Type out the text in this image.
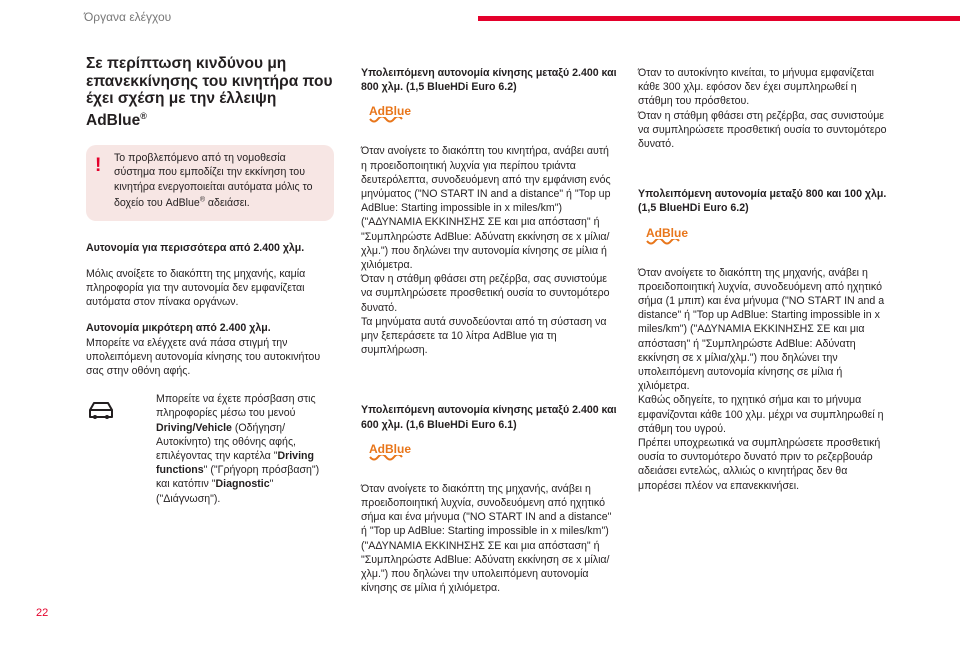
Όργανα ελέγχου
Σε περίπτωση κινδύνου μη επανεκκίνησης του κινητήρα που έχει σχέση με την έλλειψη AdBlue®
! Το προβλεπόμενο από τη νομοθεσία σύστημα που εμποδίζει την εκκίνηση του κινητήρα ενεργοποιείται αυτόματα μόλις το δοχείο του AdBlue® αδειάσει.

Αυτονομία για περισσότερα από 2.400 χλμ.

Μόλις ανοίξετε το διακόπτη της μηχανής, καμία πληροφορία για την αυτονομία δεν εμφανίζεται αυτόματα στον πίνακα οργάνων.

Αυτονομία μικρότερη από 2.400 χλμ.

Μπορείτε να ελέγχετε ανά πάσα στιγμή την υπολειπόμενη αυτονομία κίνησης του αυτοκινήτου σας στην οθόνη αφής.

Μπορείτε να έχετε πρόσβαση στις πληροφορίες μέσω του μενού Driving/Vehicle (Οδήγηση/ Αυτοκίνητο) της οθόνης αφής, επιλέγοντας την καρτέλα "Driving functions" ("Γρήγορη πρόσβαση") και κατόπιν "Diagnostic" ("Διάγνωση").

Υπολειπόμενη αυτονομία κίνησης μεταξύ 2.400 και 800 χλμ. (1,5 BlueHDi Euro 6.2)

AdBlue

Όταν ανοίγετε το διακόπτη του κινητήρα, ανάβει αυτή η προειδοποιητική λυχνία για περίπου τριάντα δευτερόλεπτα, συνοδευόμενη από την εμφάνιση ενός μηνύματος ("NO START IN and a distance" ή "Top up AdBlue: Starting impossible in x miles/km") ("ΑΔΥΝΑΜΙΑ ΕΚΚΙΝΗΣΗΣ ΣΕ και μια απόσταση" ή "Συμπληρώστε AdBlue: Αδύνατη εκκίνηση σε x μίλια/ χλμ.") που δηλώνει την αυτονομία κίνησης σε μίλια ή χιλιόμετρα.

Όταν η στάθμη φθάσει στη ρεζέρβα, σας συνιστούμε να συμπληρώσετε προσθετική ουσία το συντομότερο δυνατό.

Τα μηνύματα αυτά συνοδεύονται από τη σύσταση να μην ξεπεράσετε τα 10 λίτρα AdBlue για τη συμπλήρωση.

Υπολειπόμενη αυτονομία κίνησης μεταξύ 2.400 και 600 χλμ. (1,6 BlueHDi Euro 6.1)

AdBlue

Όταν ανοίγετε το διακόπτη της μηχανής, ανάβει η προειδοποιητική λυχνία, συνοδευόμενη από ηχητικό σήμα και ένα μήνυμα ("NO START IN and a distance" ή "Top up AdBlue: Starting impossible in x miles/km") ("ΑΔΥΝΑΜΙΑ ΕΚΚΙΝΗΣΗΣ ΣΕ και μια απόσταση" ή "Συμπληρώστε AdBlue: Αδύνατη εκκίνηση σε x μίλια/χλμ.") που δηλώνει την υπολειπόμενη αυτονομία κίνησης σε μίλια ή χιλιόμετρα.

Όταν το αυτοκίνητο κινείται, το μήνυμα εμφανίζεται κάθε 300 χλμ. εφόσον δεν έχει συμπληρωθεί η στάθμη του πρόσθετου.

Όταν η στάθμη φθάσει στη ρεζέρβα, σας συνιστούμε να συμπληρώσετε προσθετική ουσία το συντομότερο δυνατό.

Υπολειπόμενη αυτονομία μεταξύ 800 και 100 χλμ. (1,5 BlueHDi Euro 6.2)

AdBlue

Όταν ανοίγετε το διακόπτη της μηχανής, ανάβει η προειδοποιητική λυχνία, συνοδευόμενη από ηχητικό σήμα (1 μπιπ) και ένα μήνυμα ("NO START IN and a distance" ή "Top up AdBlue: Starting impossible in x miles/km") ("ΑΔΥΝΑΜΙΑ ΕΚΚΙΝΗΣΗΣ ΣΕ και μια απόσταση" ή "Συμπληρώστε AdBlue: Αδύνατη εκκίνηση σε x μίλια/χλμ.") που δηλώνει την υπολειπόμενη αυτονομία κίνησης σε μίλια ή χιλιόμετρα.

Καθώς οδηγείτε, το ηχητικό σήμα και το μήνυμα εμφανίζονται κάθε 100 χλμ. μέχρι να συμπληρωθεί η στάθμη του υγρού.

Πρέπει υποχρεωτικά να συμπληρώσετε προσθετική ουσία το συντομότερο δυνατό πριν το ρεζερβουάρ αδειάσει εντελώς, αλλιώς ο κινητήρας δεν θα μπορέσει πλέον να επανεκκινήσει.

22
